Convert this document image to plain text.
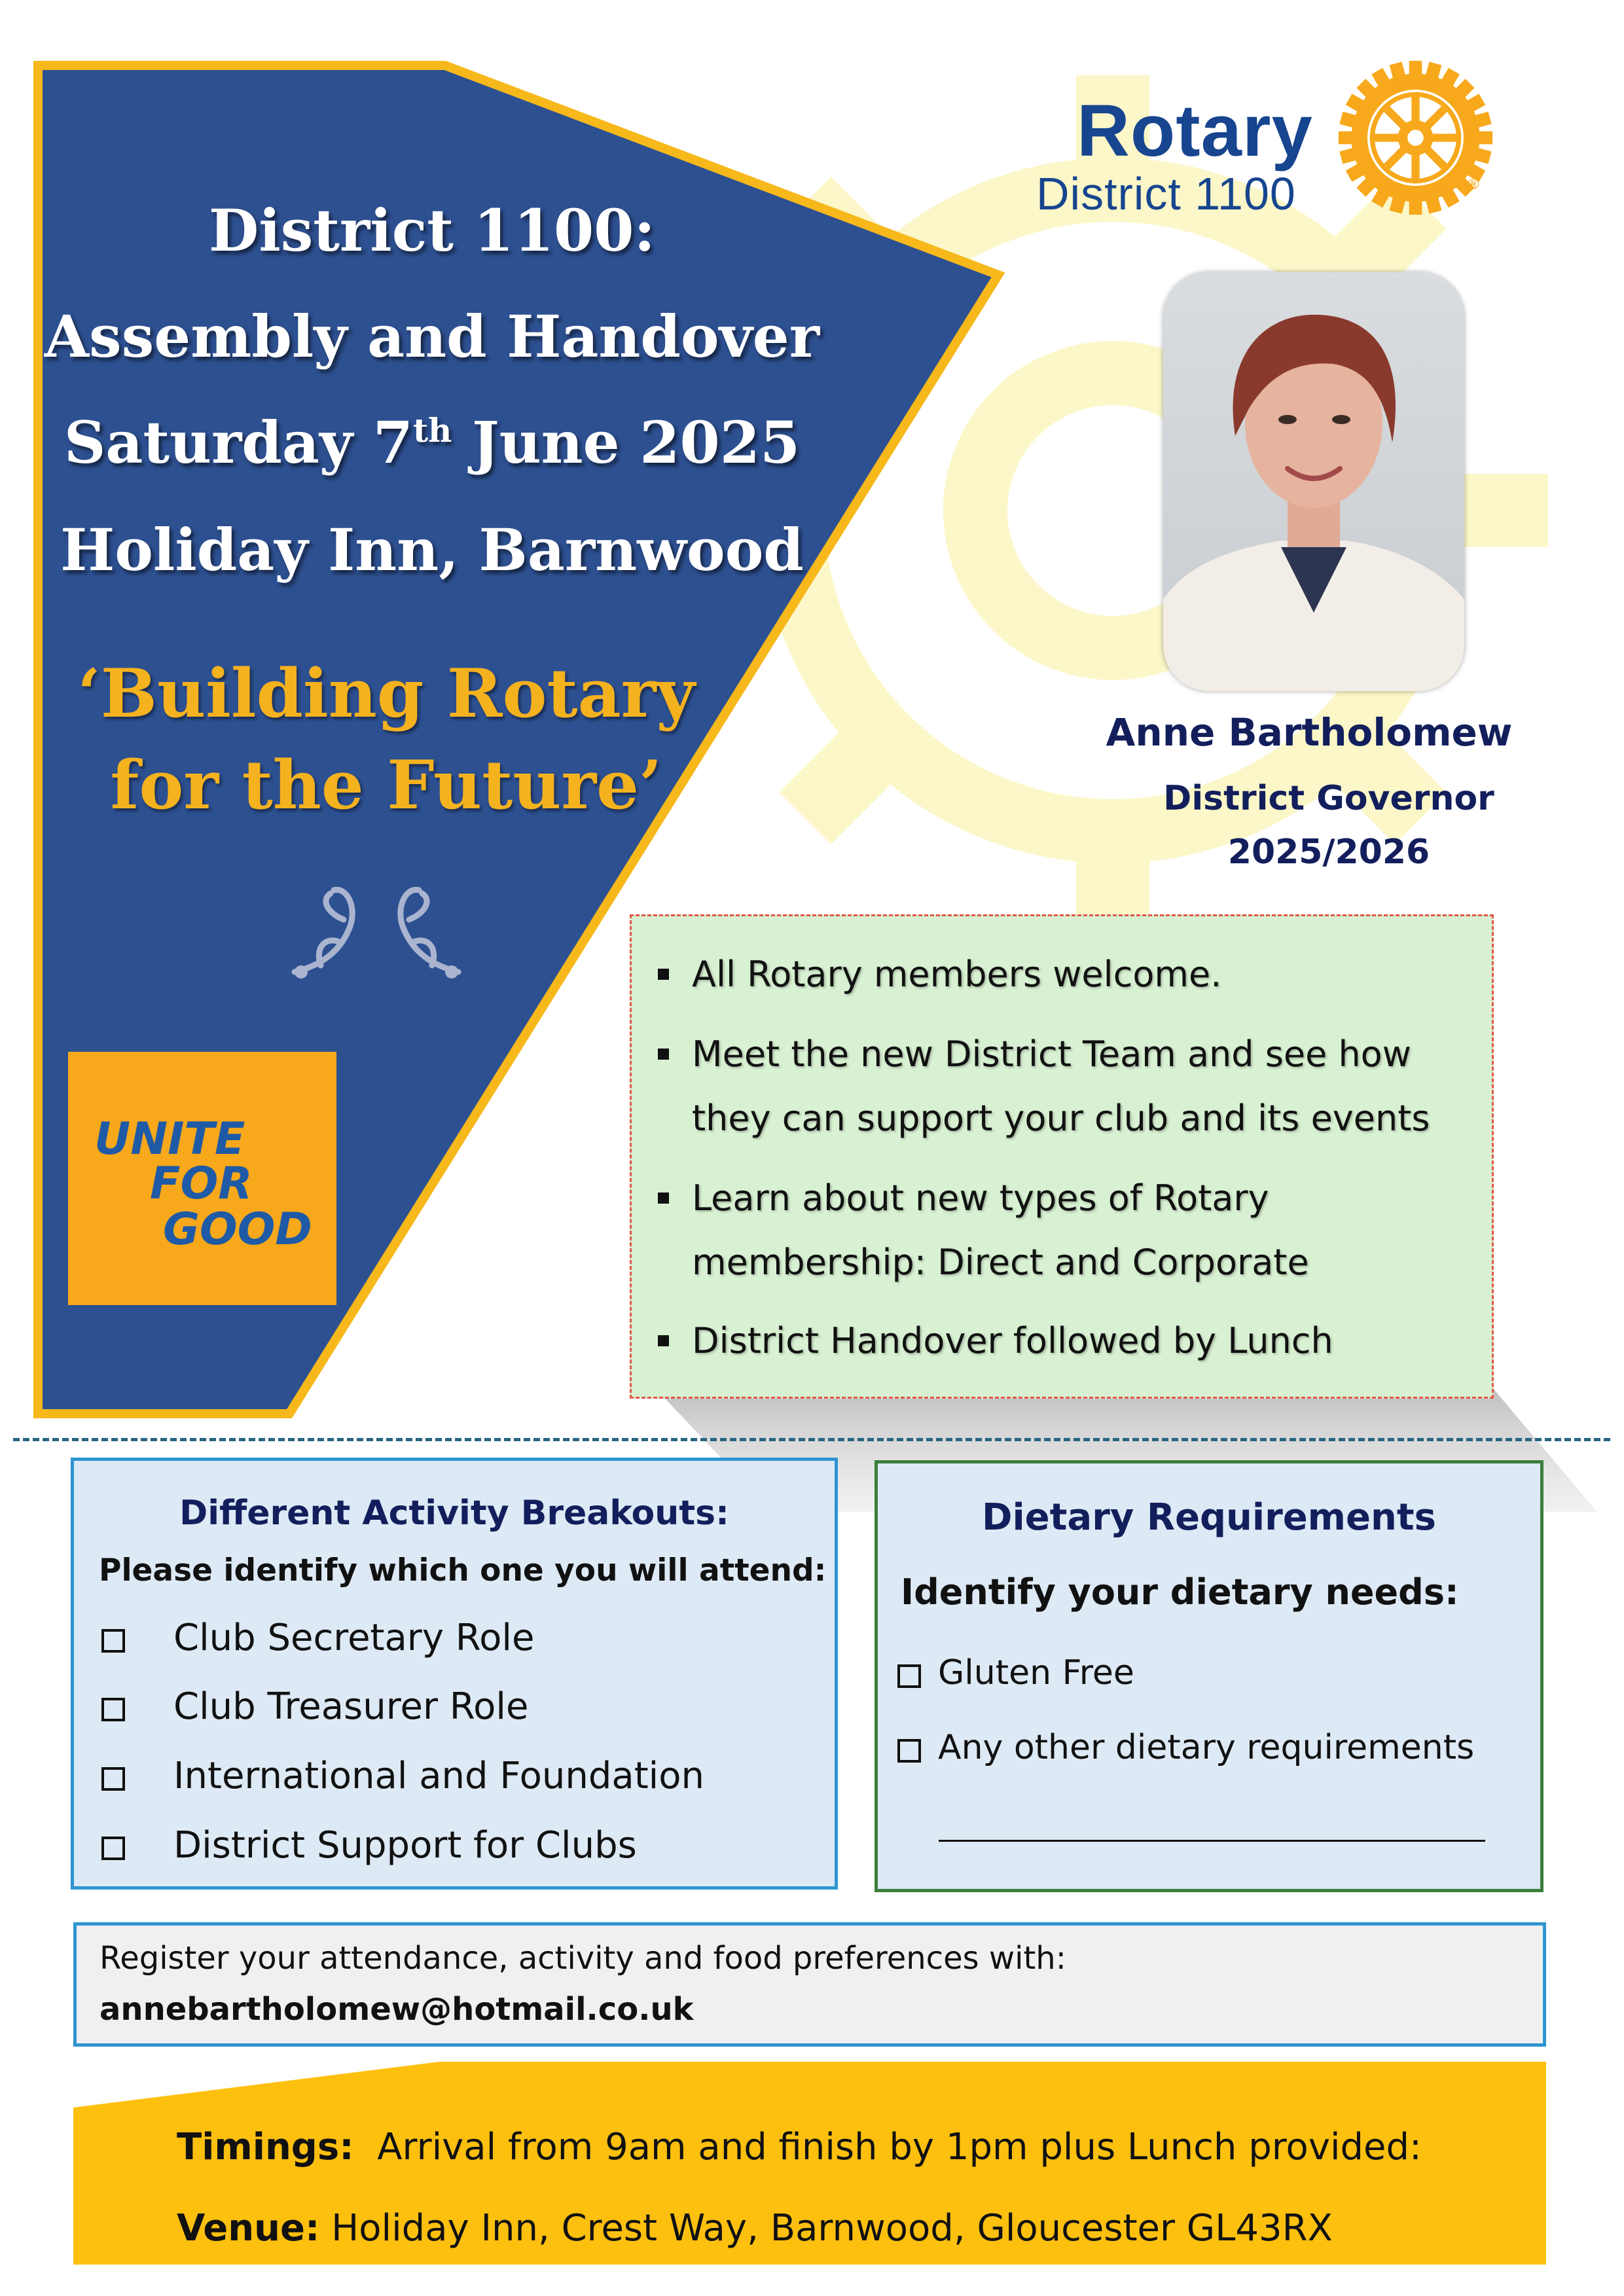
District 1100:
Assembly and Handover
Saturday 7th June 2025
Holiday Inn, Barnwood
‘Building Rotary
for the Future’
UNITE
FOR
GOOD
Rotary
District 1100
ROTARY
INTERNATIONAL ®
Anne Bartholomew
District Governor
2025/2026
All Rotary members welcome.
Meet the new District Team and see how
they can support your club and its events
Learn about new types of Rotary
membership: Direct and Corporate
District Handover followed by Lunch
Different Activity Breakouts:
Please identify which one you will attend:
Club Secretary Role
Club Treasurer Role
International and Foundation
District Support for Clubs
Dietary Requirements
Identify your dietary needs:
Gluten Free
Any other dietary requirements
Register your attendance, activity and food preferences with:
annebartholomew@hotmail.co.uk
Timings:  Arrival from 9am and finish by 1pm plus Lunch provided:
Venue: Holiday Inn, Crest Way, Barnwood, Gloucester GL43RX
